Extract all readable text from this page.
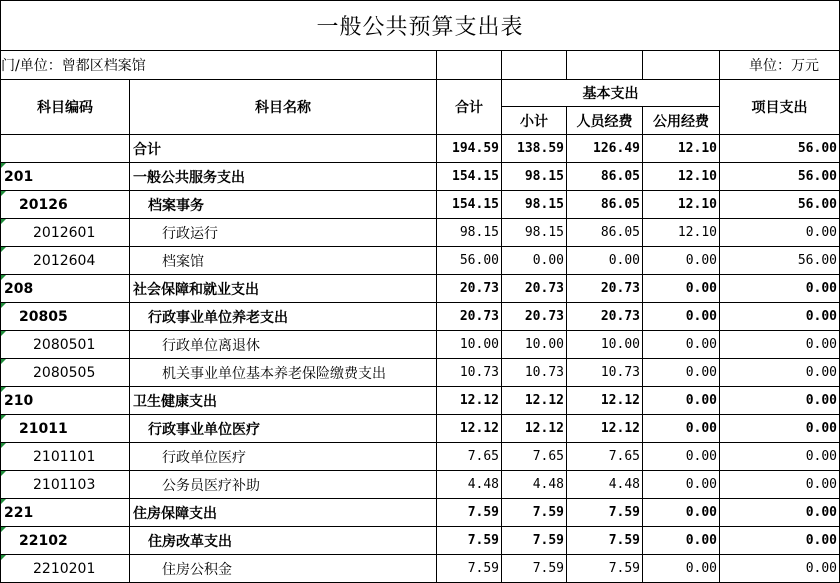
一般公共预算支出表
门/单位：曾都区档案馆						单位：万元
科目编码	科目名称	合计	基本支出			项目支出
			小计	人员经费	公用经费	
	合计	194.59	138.59	126.49	12.10	56.00
201	一般公共服务支出	154.15	98.15	86.05	12.10	56.00
20126	档案事务	154.15	98.15	86.05	12.10	56.00
2012601	行政运行	98.15	98.15	86.05	12.10	0.00
2012604	档案馆	56.00	0.00	0.00	0.00	56.00
208	社会保障和就业支出	20.73	20.73	20.73	0.00	0.00
20805	行政事业单位养老支出	20.73	20.73	20.73	0.00	0.00
2080501	行政单位离退休	10.00	10.00	10.00	0.00	0.00
2080505	机关事业单位基本养老保险缴费支出	10.73	10.73	10.73	0.00	0.00
210	卫生健康支出	12.12	12.12	12.12	0.00	0.00
21011	行政事业单位医疗	12.12	12.12	12.12	0.00	0.00
2101101	行政单位医疗	7.65	7.65	7.65	0.00	0.00
2101103	公务员医疗补助	4.48	4.48	4.48	0.00	0.00
221	住房保障支出	7.59	7.59	7.59	0.00	0.00
22102	住房改革支出	7.59	7.59	7.59	0.00	0.00
2210201	住房公积金	7.59	7.59	7.59	0.00	0.00
